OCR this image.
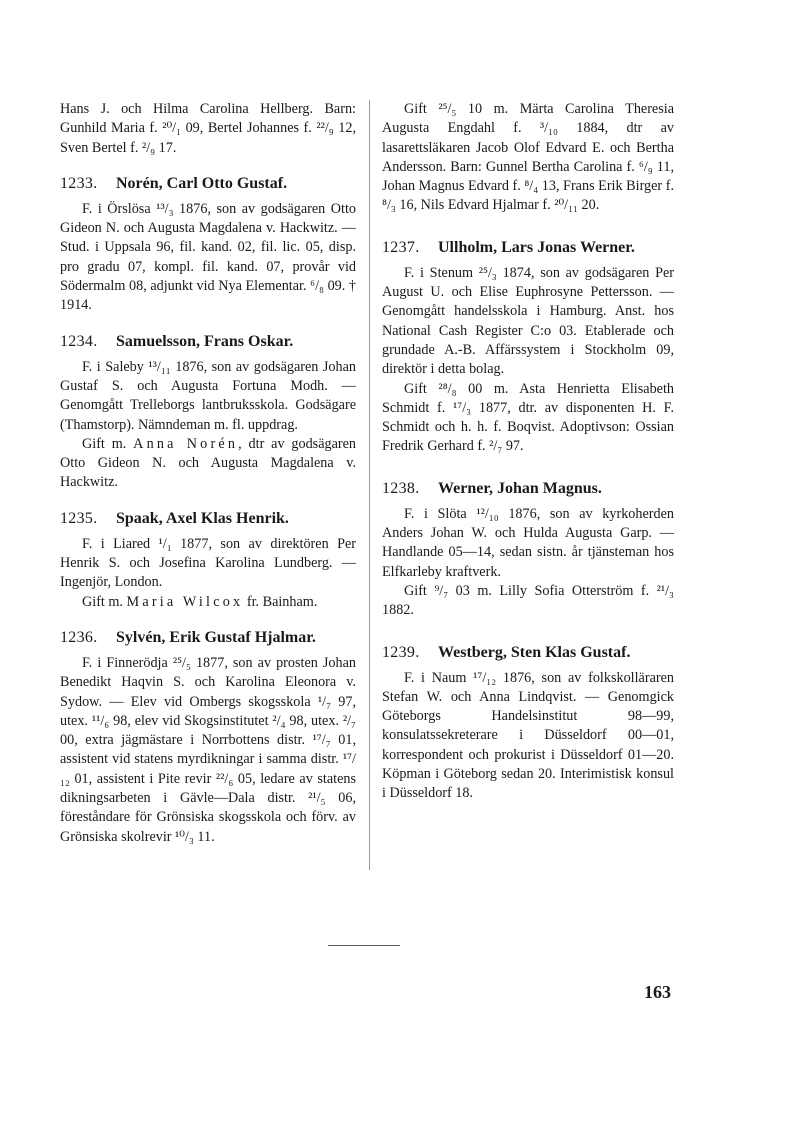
Hans J. och Hilma Carolina Hellberg. Barn: Gunhild Maria f. ²⁰/₁ 09, Bertel Johannes f. ²²/₉ 12, Sven Bertel f. ²/₉ 17.

1233.	Norén, Carl Otto Gustaf.

F. i Örslösa ¹³/₃ 1876, son av godsägaren Otto Gideon N. och Augusta Magdalena v. Hackwitz. — Stud. i Uppsala 96, fil. kand. 02, fil. lic. 05, disp. pro gradu 07, kompl. fil. kand. 07, provår vid Södermalm 08, adjunkt vid Nya Elementar. ⁶/₈ 09. † 1914.

1234.	Samuelsson, Frans Oskar.

F. i Saleby ¹³/₁₁ 1876, son av godsägaren Johan Gustaf S. och Augusta Fortuna Modh. — Genomgått Trelleborgs lantbruksskola. Godsägare (Thamstorp). Nämndeman m. fl. uppdrag.

Gift m. Anna Norén, dtr av godsägaren Otto Gideon N. och Augusta Magdalena v. Hackwitz.

1235.	Spaak, Axel Klas Henrik.

F. i Liared ¹/₁ 1877, son av direktören Per Henrik S. och Josefina Karolina Lundberg. — Ingenjör, London.

Gift m. Maria Wilcox fr. Bainham.

1236.	Sylvén, Erik Gustaf Hjalmar.

F. i Finnerödja ²⁵/₅ 1877, son av prosten Johan Benedikt Haqvin S. och Karolina Eleonora v. Sydow. — Elev vid Ombergs skogsskola ¹/₇ 97, utex. ¹¹/₆ 98, elev vid Skogsinstitutet ²/₄ 98, utex. ²/₇ 00, extra jägmästare i Norrbottens distr. ¹⁷/₇ 01, assistent vid statens myrdikningar i samma distr. ¹⁷/₁₂ 01, assistent i Pite revir ²²/₆ 05, ledare av statens dikningsarbeten i Gävle—Dala distr. ²¹/₅ 06, föreståndare för Grönsiska skogsskola och förv. av Grönsiska skolrevir ¹⁰/₃ 11.

Gift ²⁵/₅ 10 m. Märta Carolina Theresia Augusta Engdahl f. ³/₁₀ 1884, dtr av lasarettsläkaren Jacob Olof Edvard E. och Bertha Andersson. Barn: Gunnel Bertha Carolina f. ⁶/₉ 11, Johan Magnus Edvard f. ⁸/₄ 13, Frans Erik Birger f. ⁸/₃ 16, Nils Edvard Hjalmar f. ²⁰/₁₁ 20.

1237.	Ullholm, Lars Jonas Werner.

F. i Stenum ²⁵/₃ 1874, son av godsägaren Per August U. och Elise Euphrosyne Pettersson. — Genomgått handelsskola i Hamburg. Anst. hos National Cash Register C:o 03. Etablerade och grundade A.-B. Affärssystem i Stockholm 09, direktör i detta bolag.

Gift ²⁸/₈ 00 m. Asta Henrietta Elisabeth Schmidt f. ¹⁷/₃ 1877, dtr. av disponenten H. F. Schmidt och h. h. f. Boqvist. Adoptivson: Ossian Fredrik Gerhard f. ²/₇ 97.

1238.	Werner, Johan Magnus.

F. i Slöta ¹²/₁₀ 1876, son av kyrkoherden Anders Johan W. och Hulda Augusta Garp. — Handlande 05—14, sedan sistn. år tjänsteman hos Elfkarleby kraftverk.

Gift ⁹/₇ 03 m. Lilly Sofia Otterström f. ²¹/₃ 1882.

1239.	Westberg, Sten Klas Gustaf.

F. i Naum ¹⁷/₁₂ 1876, son av folkskolläraren Stefan W. och Anna Lindqvist. — Genomgick Göteborgs Handelsinstitut 98—99, konsulatssekreterare i Düsseldorf 00—01, korrespondent och prokurist i Düsseldorf 01—20. Köpman i Göteborg sedan 20. Interimistisk konsul i Düsseldorf 18.

163
